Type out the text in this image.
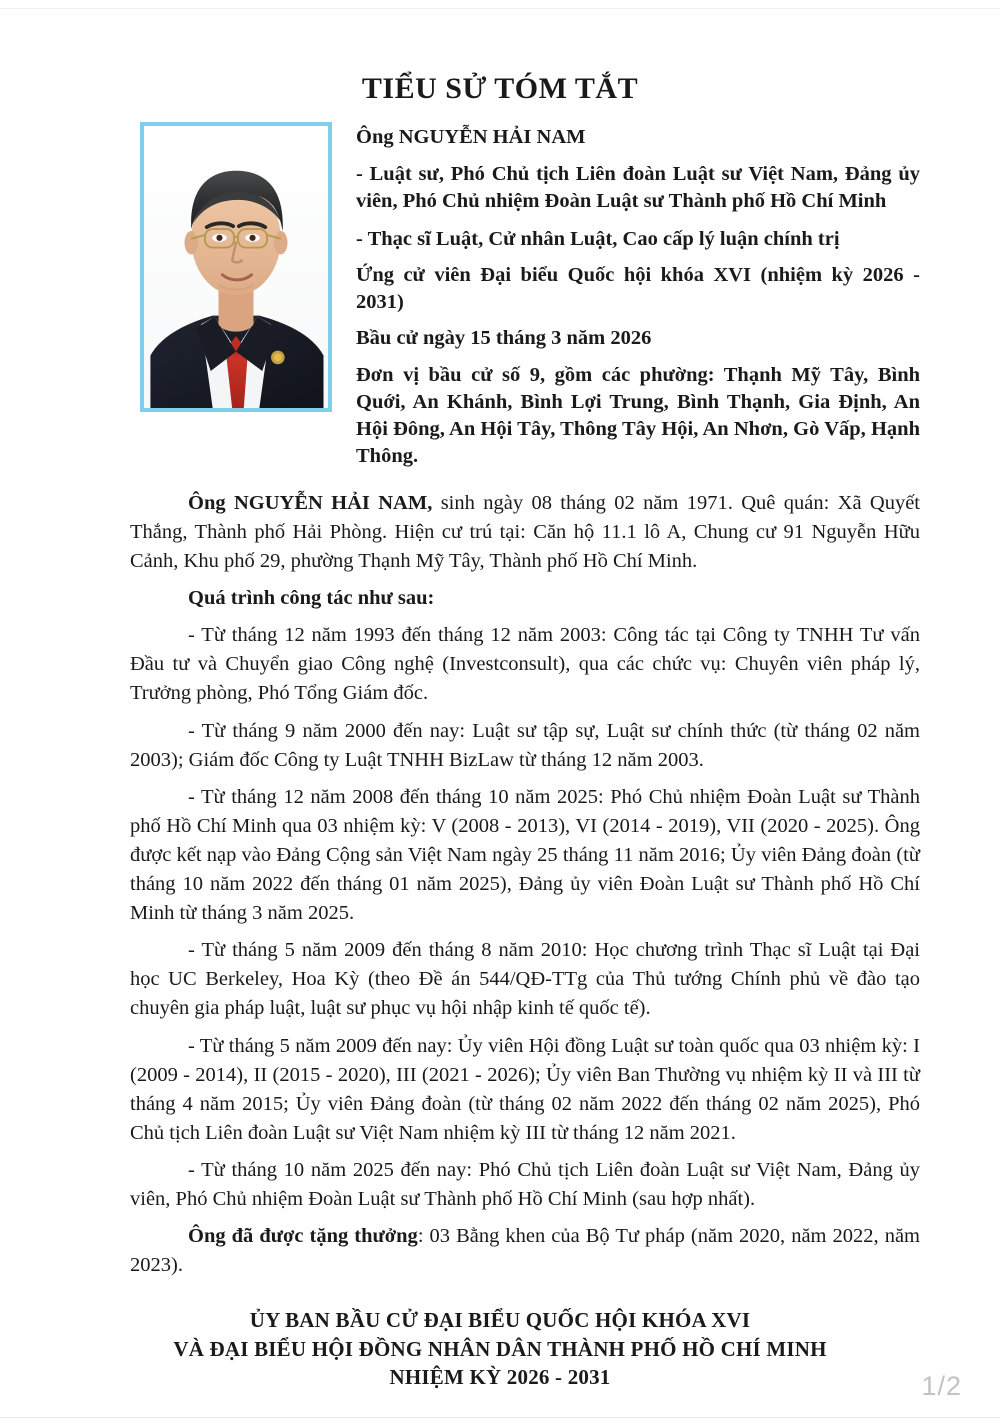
TIỂU SỬ TÓM TẮT
Ông NGUYỄN HẢI NAM

- Luật sư, Phó Chủ tịch Liên đoàn Luật sư Việt Nam, Đảng ủy viên, Phó Chủ nhiệm Đoàn Luật sư Thành phố Hồ Chí Minh

- Thạc sĩ Luật, Cử nhân Luật, Cao cấp lý luận chính trị

Ứng cử viên Đại biểu Quốc hội khóa XVI (nhiệm kỳ 2026 - 2031)

Bầu cử ngày 15 tháng 3 năm 2026

Đơn vị bầu cử số 9, gồm các phường: Thạnh Mỹ Tây, Bình Quới, An Khánh, Bình Lợi Trung, Bình Thạnh, Gia Định, An Hội Đông, An Hội Tây, Thông Tây Hội, An Nhơn, Gò Vấp, Hạnh Thông.

Ông NGUYỄN HẢI NAM, sinh ngày 08 tháng 02 năm 1971. Quê quán: Xã Quyết Thắng, Thành phố Hải Phòng. Hiện cư trú tại: Căn hộ 11.1 lô A, Chung cư 91 Nguyễn Hữu Cảnh, Khu phố 29, phường Thạnh Mỹ Tây, Thành phố Hồ Chí Minh.

Quá trình công tác như sau:

- Từ tháng 12 năm 1993 đến tháng 12 năm 2003: Công tác tại Công ty TNHH Tư vấn Đầu tư và Chuyển giao Công nghệ (Investconsult), qua các chức vụ: Chuyên viên pháp lý, Trưởng phòng, Phó Tổng Giám đốc.

- Từ tháng 9 năm 2000 đến nay: Luật sư tập sự, Luật sư chính thức (từ tháng 02 năm 2003); Giám đốc Công ty Luật TNHH BizLaw từ tháng 12 năm 2003.

- Từ tháng 12 năm 2008 đến tháng 10 năm 2025: Phó Chủ nhiệm Đoàn Luật sư Thành phố Hồ Chí Minh qua 03 nhiệm kỳ: V (2008 - 2013), VI (2014 - 2019), VII (2020 - 2025). Ông được kết nạp vào Đảng Cộng sản Việt Nam ngày 25 tháng 11 năm 2016; Ủy viên Đảng đoàn (từ tháng 10 năm 2022 đến tháng 01 năm 2025), Đảng ủy viên Đoàn Luật sư Thành phố Hồ Chí Minh từ tháng 3 năm 2025.

- Từ tháng 5 năm 2009 đến tháng 8 năm 2010: Học chương trình Thạc sĩ Luật tại Đại học UC Berkeley, Hoa Kỳ (theo Đề án 544/QĐ-TTg của Thủ tướng Chính phủ về đào tạo chuyên gia pháp luật, luật sư phục vụ hội nhập kinh tế quốc tế).

- Từ tháng 5 năm 2009 đến nay: Ủy viên Hội đồng Luật sư toàn quốc qua 03 nhiệm kỳ: I (2009 - 2014), II (2015 - 2020), III (2021 - 2026); Ủy viên Ban Thường vụ nhiệm kỳ II và III từ tháng 4 năm 2015; Ủy viên Đảng đoàn (từ tháng 02 năm 2022 đến tháng 02 năm 2025), Phó Chủ tịch Liên đoàn Luật sư Việt Nam nhiệm kỳ III từ tháng 12 năm 2021.

- Từ tháng 10 năm 2025 đến nay: Phó Chủ tịch Liên đoàn Luật sư Việt Nam, Đảng ủy viên, Phó Chủ nhiệm Đoàn Luật sư Thành phố Hồ Chí Minh (sau hợp nhất).

Ông đã được tặng thưởng: 03 Bằng khen của Bộ Tư pháp (năm 2020, năm 2022, năm 2023).

ỦY BAN BẦU CỬ ĐẠI BIỂU QUỐC HỘI KHÓA XVI
VÀ ĐẠI BIỂU HỘI ĐỒNG NHÂN DÂN THÀNH PHỐ HỒ CHÍ MINH
NHIỆM KỲ 2026 - 2031	1/2
